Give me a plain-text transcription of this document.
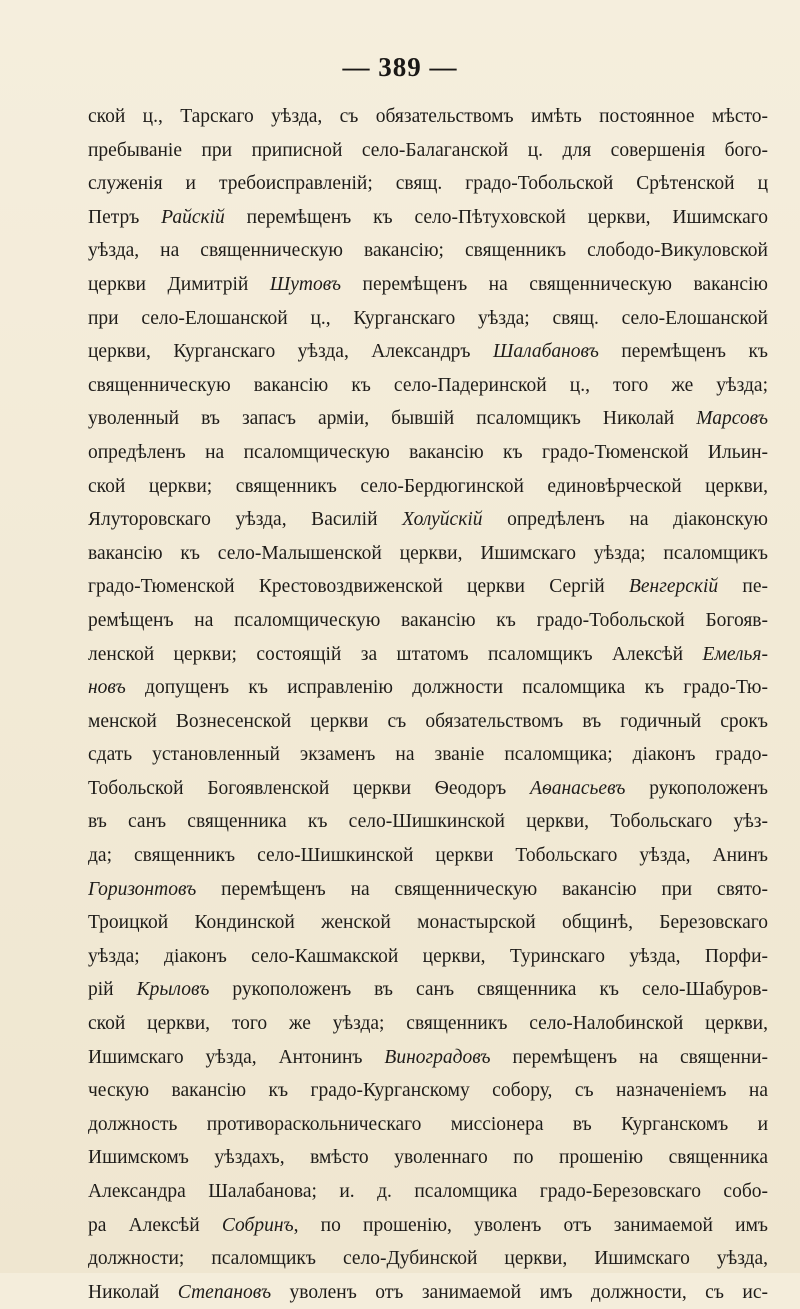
— 389 —
ской ц., Тарскаго уѣзда, съ обязательствомъ имѣть постоянное мѣсто-
пребываніе при приписной село-Балаганской ц. для совершенія бого-
служенія и требоисправленій; свящ. градо-Тобольской Срѣтенской ц
Петръ Райскій перемѣщенъ къ село-Пѣтуховской церкви, Ишимскаго
уѣзда, на священническую вакансію; священникъ слободо-Викуловской
церкви Димитрій Шутовъ перемѣщенъ на священническую вакансію
при село-Елошанской ц., Курганскаго уѣзда; свящ. село-Елошанской
церкви, Курганскаго уѣзда, Александръ Шалабановъ перемѣщенъ къ
священническую вакансію къ село-Падеринской ц., того же уѣзда;
уволенный въ запасъ арміи, бывшій псаломщикъ Николай Марсовъ
опредѣленъ на псаломщическую вакансію къ градо-Тюменской Ильин-
ской церкви; священникъ село-Бердюгинской единовѣрческой церкви,
Ялуторовскаго уѣзда, Василій Холуйскій опредѣленъ на діаконскую
вакансію къ село-Малышенской церкви, Ишимскаго уѣзда; псаломщикъ
градо-Тюменской Крестовоздвиженской церкви Сергій Венгерскій пе-
ремѣщенъ на псаломщическую вакансію къ градо-Тобольской Богояв-
ленской церкви; состоящій за штатомъ псаломщикъ Алексѣй Емелья-
новъ допущенъ къ исправленію должности псаломщика къ градо-Тю-
менской Вознесенской церкви съ обязательствомъ въ годичный срокъ
сдать установленный экзаменъ на званіе псаломщика; діаконъ градо-
Тобольской Богоявленской церкви Ѳеодоръ Аѳанасьевъ рукоположенъ
въ санъ священника къ село-Шишкинской церкви, Тобольскаго уѣз-
да; священникъ село-Шишкинской церкви Тобольскаго уѣзда, Анинъ
Горизонтовъ перемѣщенъ на священническую вакансію при свято-
Троицкой Кондинской женской монастырской общинѣ, Березовскаго
уѣзда; діаконъ село-Кашмакской церкви, Туринскаго уѣзда, Порфи-
рій Крыловъ рукоположенъ въ санъ священника къ село-Шабуров-
ской церкви, того же уѣзда; священникъ село-Налобинской церкви,
Ишимскаго уѣзда, Антонинъ Виноградовъ перемѣщенъ на священни-
ческую вакансію къ градо-Курганскому собору, съ назначеніемъ на
должность противораскольническаго миссіонера въ Курганскомъ и
Ишимскомъ уѣздахъ, вмѣсто уволеннаго по прошенію священника
Александра Шалабанова; и. д. псаломщика градо-Березовскаго собо-
ра Алексѣй Собринъ, по прошенію, уволенъ отъ занимаемой имъ
должности; псаломщикъ село-Дубинской церкви, Ишимскаго уѣзда,
Николай Степановъ уволенъ отъ занимаемой имъ должности, съ ис-
